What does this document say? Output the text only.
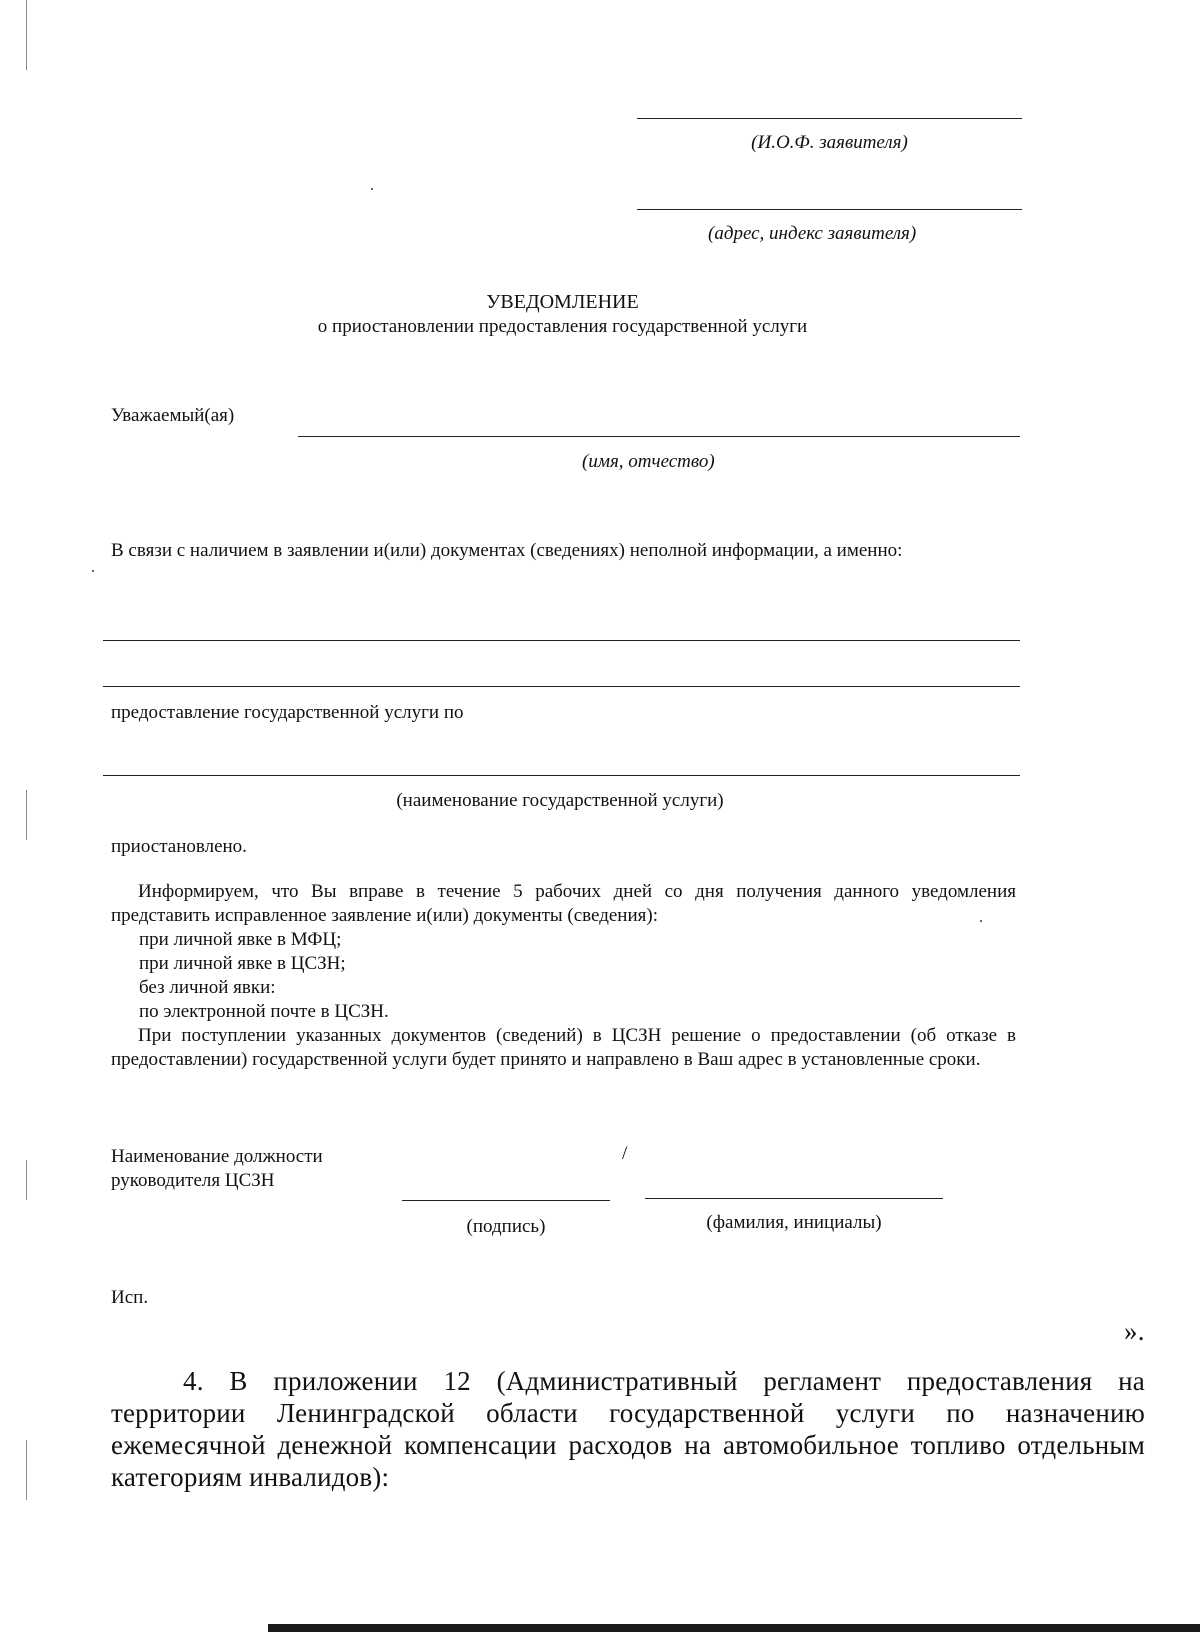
(И.О.Ф. заявителя)
(адрес, индекс заявителя)
УВЕДОМЛЕНИЕ
о приостановлении предоставления государственной услуги
Уважаемый(ая)
(имя, отчество)
В связи с наличием в заявлении и(или) документах (сведениях) неполной информации, а именно:
предоставление государственной услуги по
(наименование государственной услуги)
приостановлено.
Информируем, что Вы вправе в течение 5 рабочих дней со дня получения данного уведомления представить исправленное заявление и(или) документы (сведения):
при личной явке в МФЦ;
при личной явке в ЦСЗН;
без личной явки:
по электронной почте в ЦСЗН.
При поступлении указанных документов (сведений) в ЦСЗН решение о предоставлении (об отказе в предоставлении) государственной услуги будет принято и направлено в Ваш адрес в установленные сроки.
Наименование должности
руководителя ЦСЗН
/
(подпись)	(фамилия, инициалы)
Исп.
».
4. В приложении 12 (Административный регламент предоставления на территории Ленинградской области государственной услуги по назначению ежемесячной денежной компенсации расходов на автомобильное топливо отдельным категориям инвалидов):
